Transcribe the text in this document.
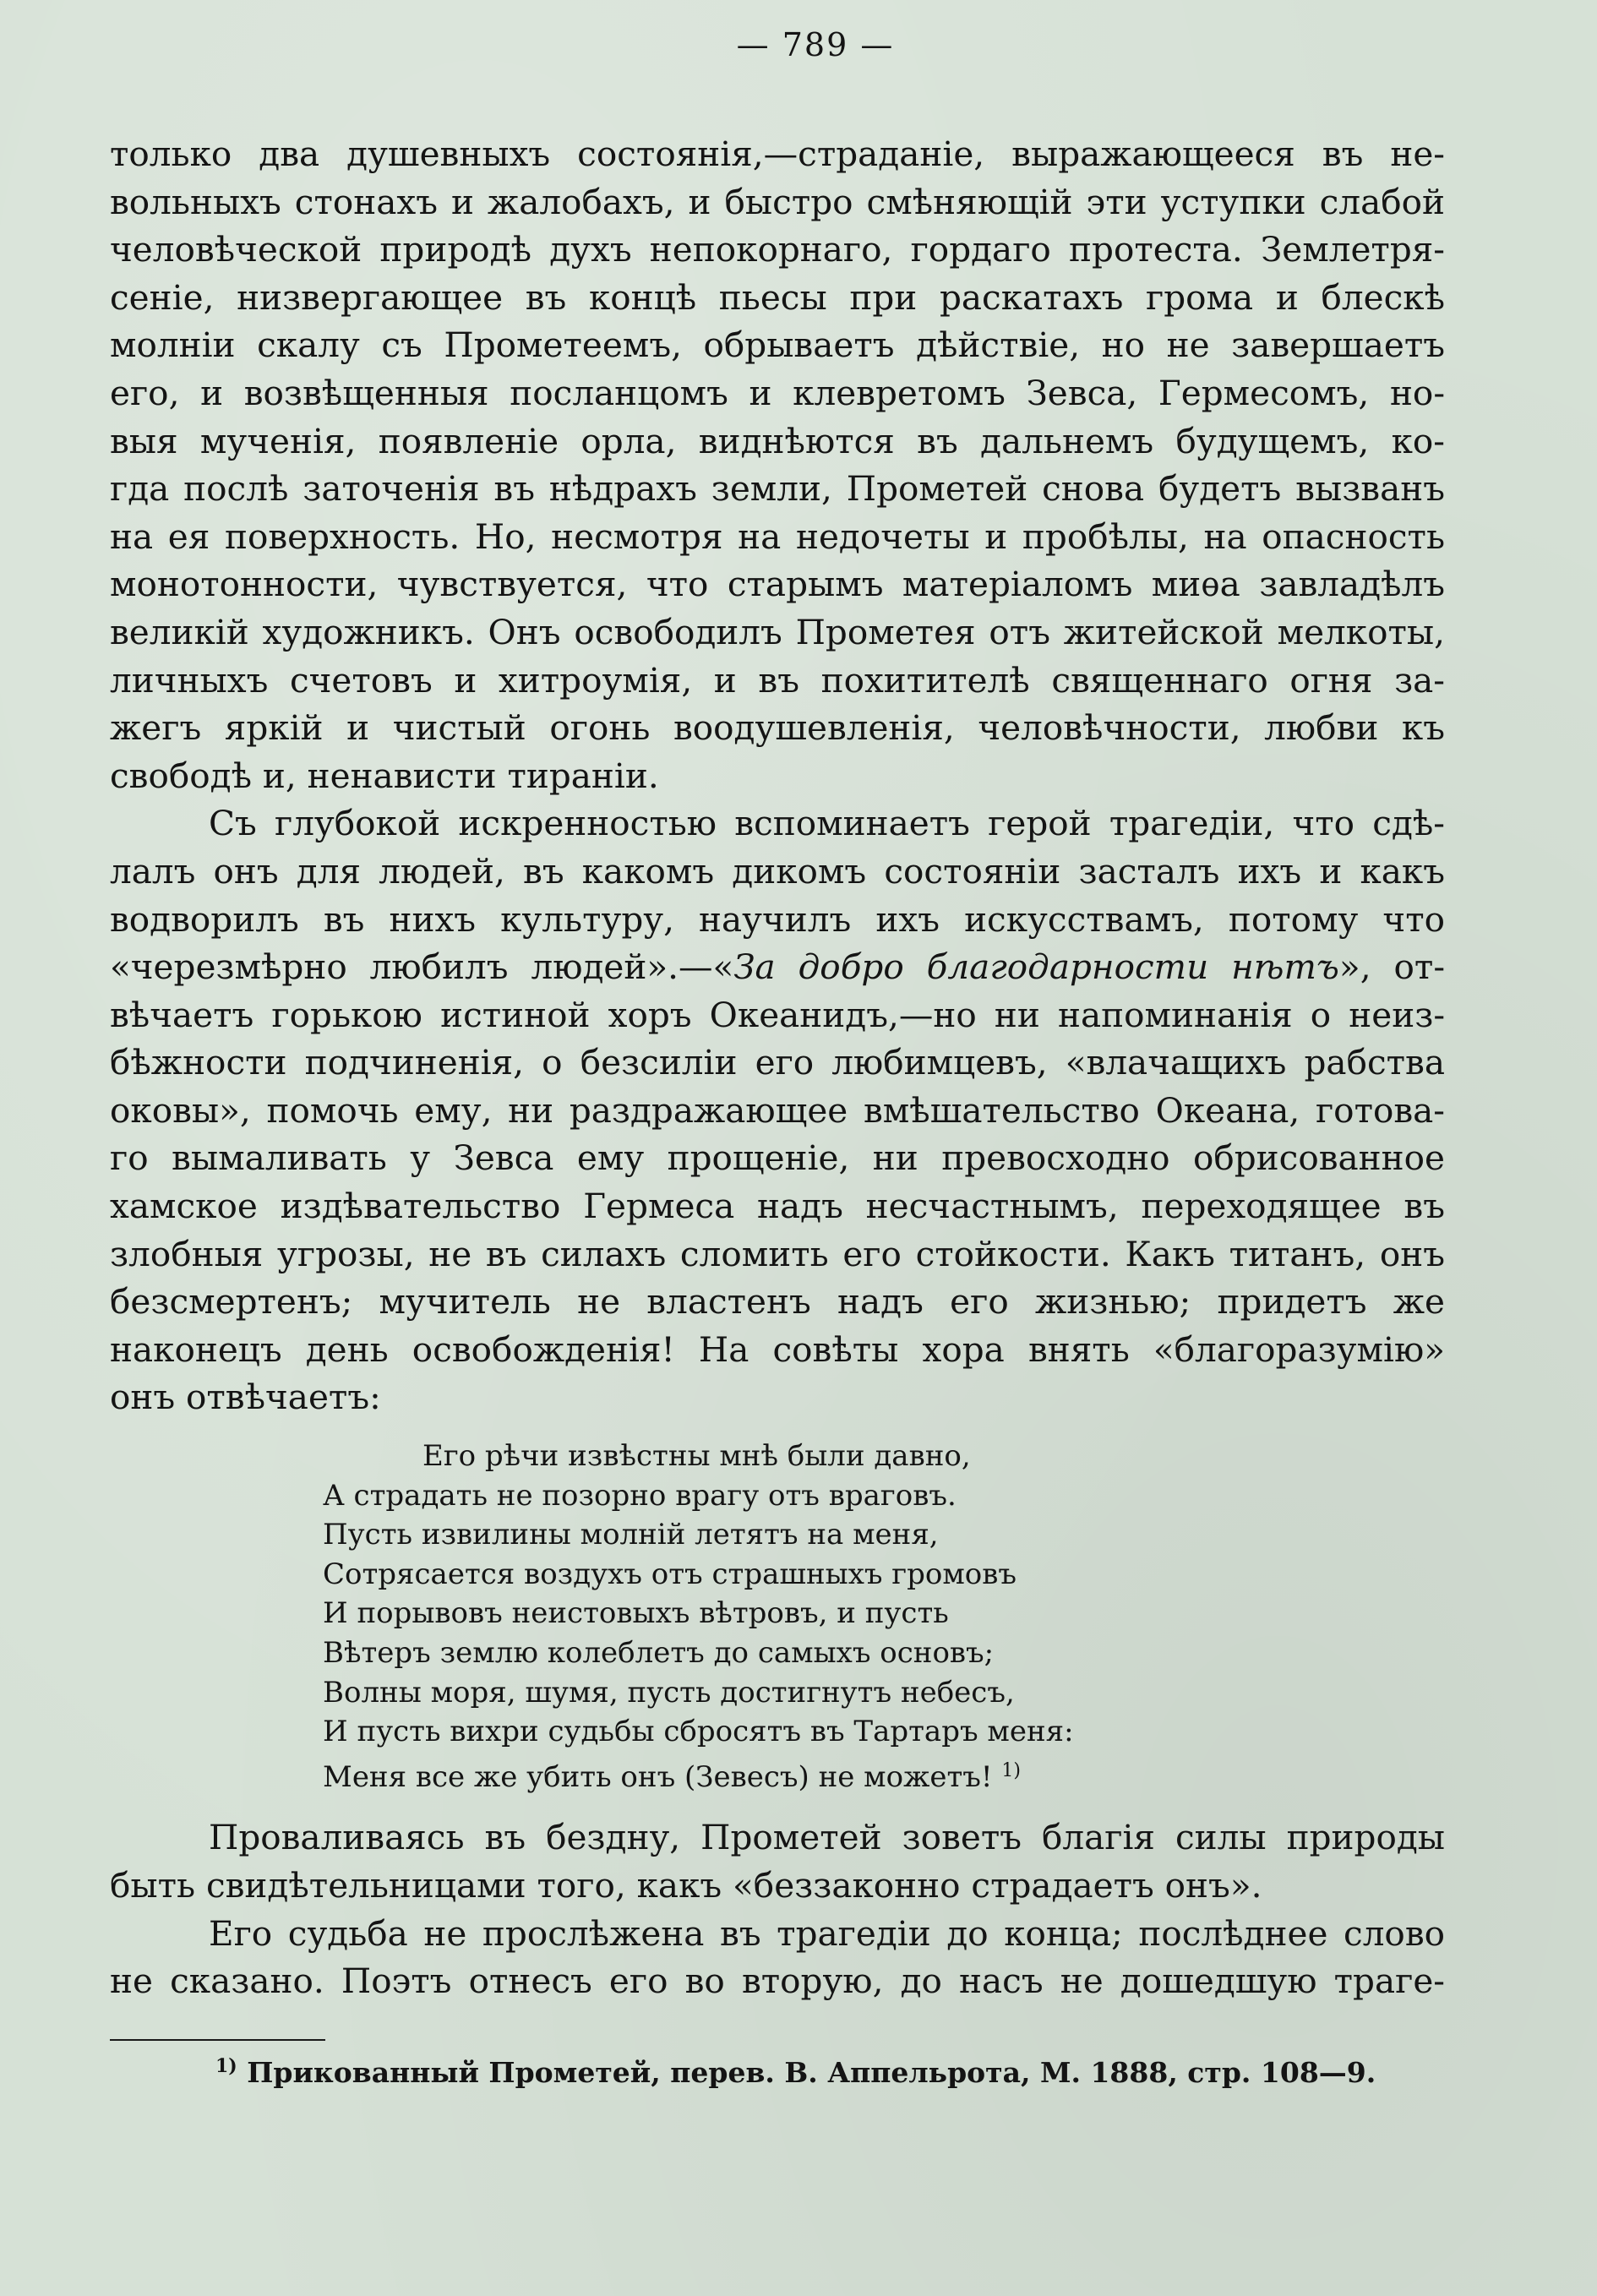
— 789 —

только два душевныхъ состоянія,—страданіе, выражающееся въ не-
вольныхъ стонахъ и жалобахъ, и быстро смѣняющій эти уступки слабой
человѣческой природѣ духъ непокорнаго, гордаго протеста. Землетря-
сеніе, низвергающее въ концѣ пьесы при раскатахъ грома и блескѣ
молніи скалу съ Прометеемъ, обрываетъ дѣйствіе, но не завершаетъ
его, и возвѣщенныя посланцомъ и клевретомъ Зевса, Гермесомъ, но-
выя мученія, появленіе орла, виднѣются въ дальнемъ будущемъ, ко-
гда послѣ заточенія въ нѣдрахъ земли, Прометей снова будетъ вызванъ
на ея поверхность. Но, несмотря на недочеты и пробѣлы, на опасность
монотонности, чувствуется, что старымъ матеріаломъ миѳа завладѣлъ
великій художникъ. Онъ освободилъ Прометея отъ житейской мелкоты,
личныхъ счетовъ и хитроумія, и въ похитителѣ священнаго огня за-
жегъ яркій и чистый огонь воодушевленія, человѣчности, любви къ
свободѣ и, ненависти тираніи.

Съ глубокой искренностью вспоминаетъ герой трагедіи, что сдѣ-
лалъ онъ для людей, въ какомъ дикомъ состояніи засталъ ихъ и какъ
водворилъ въ нихъ культуру, научилъ ихъ искусствамъ, потому что
«черезмѣрно любилъ людей».—«За добро благодарности нѣтъ», от-
вѣчаетъ горькою истиной хоръ Океанидъ,—но ни напоминанія о неиз-
бѣжности подчиненія, о безсиліи его любимцевъ, «влачащихъ рабства
оковы», помочь ему, ни раздражающее вмѣшательство Океана, готова-
го вымаливать у Зевса ему прощеніе, ни превосходно обрисованное
хамское издѣвательство Гермеса надъ несчастнымъ, переходящее въ
злобныя угрозы, не въ силахъ сломить его стойкости. Какъ титанъ, онъ
безсмертенъ; мучитель не властенъ надъ его жизнью; придетъ же
наконецъ день освобожденія! На совѣты хора внять «благоразумію»
онъ отвѣчаетъ:

Его рѣчи извѣстны мнѣ были давно,
А страдать не позорно врагу отъ враговъ.
Пусть извилины молній летятъ на меня,
Сотрясается воздухъ отъ страшныхъ громовъ
И порывовъ неистовыхъ вѣтровъ, и пусть
Вѣтеръ землю колеблетъ до самыхъ основъ;
Волны моря, шумя, пусть достигнутъ небесъ,
И пусть вихри судьбы сбросятъ въ Тартаръ меня:
Меня все же убить онъ (Зевесъ) не можетъ! $^{1)}$

Проваливаясь въ бездну, Прометей зоветъ благія силы природы
быть свидѣтельницами того, какъ «беззаконно страдаетъ онъ».

Его судьба не прослѣжена въ трагедіи до конца; послѣднее слово
не сказано. Поэтъ отнесъ его во вторую, до насъ не дошедшую траге-

$^{1)}$ Прикованный Прометей, перев. В. Аппельрота, М. 1888, стр. 108—9.
